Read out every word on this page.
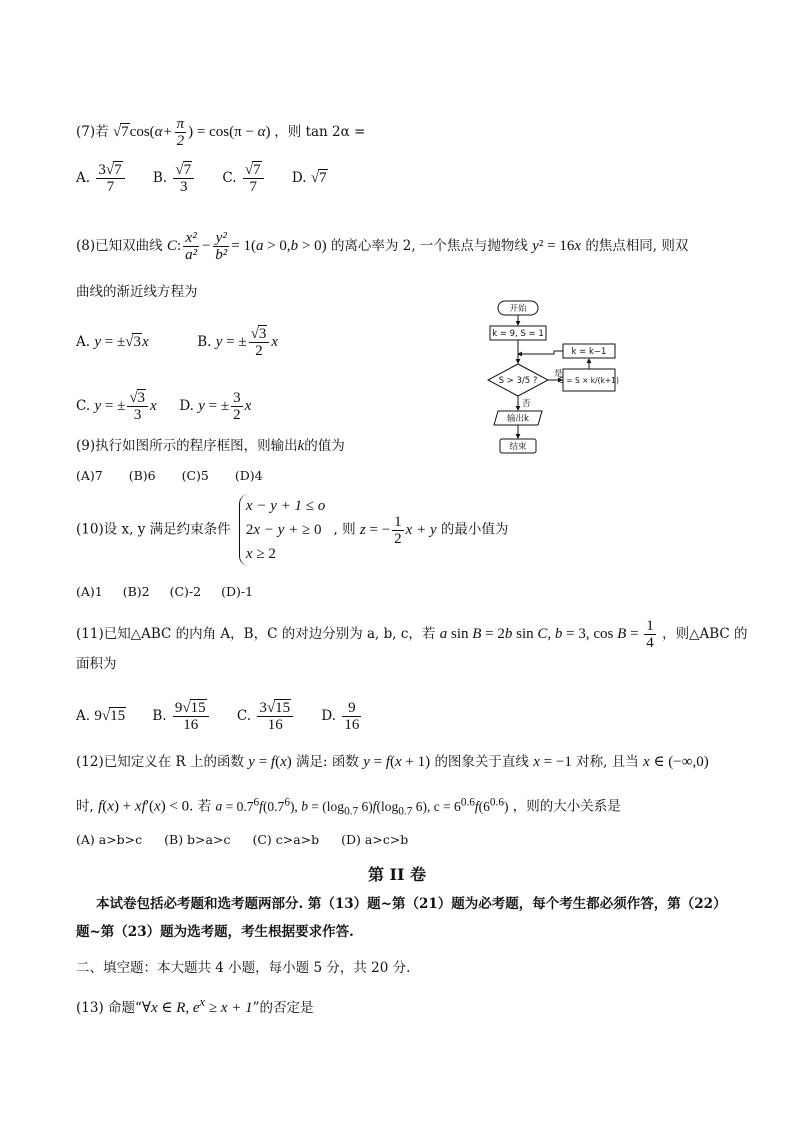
(7)若 $√7\cos(\alpha+ \frac{\pi}{2}$ ) = cos(π − α) ，则 tan 2α =
A. $\frac{3√7}{7} B$. $\frac{√7}{3} C$. $\frac{√7}{7} D$. √7
(8)已知双曲线 C: $\frac{\text{x²}}{\text{a²}} - \frac{\text{y²}}{\text{b²}} = 1(a > 0,b > 0)$ 的离心率为 2, 一个焦点与抛物线 y² = 16x 的焦点相同, 则双
曲线的渐近线方程为
A. y = ±√3x	B. y = ± $\frac{√3}{2}$ x
C. y = ± $\frac{√3}{3}$ x D. y = ± $\frac{3}{2}$ x
开始
k = 9, S = 1
S > 3/5 ?
是
S = S × k/(k+1)
k = k−1
否
输出k
结束
(9)执行如图所示的程序框图，则输出k的值为
(A)7 (B)6 (C)5 (D)4
(10)设 x, y 满足约束条件
x − y + 1 ≤ o
2x − y + ≥ 0
x ≥ 2
, 则 z = − $\frac{1}{2}$ x + y 的最小值为
(A)1 (B)2 (C)-2 (D)-1
(11)已知△ABC 的内角 A，B，C 的对边分别为 a, b, c，若 a sin B = 2b sin C, b = 3, $\cos B = \frac{1}{4}$ ，则△ABC 的
面积为
A. 9√15 B. $\frac{9√15}{16} C$. $\frac{3√15}{16} D$. $\frac{9}{16}$
(12)已知定义在 R 上的函数 y = f(x) 满足: 函数 y = f(x + 1) 的图象关于直线 x = −1 对称, 且当 x ∈ (−∞,0)
时, f(x) + xf′(x) < 0. 若 $a = 0.7^6f(0.7^6)$, $b = (\log_{0.7}$ $6)f(\log_{0.7}$ 6), $c = 6^{0.6}f(6^{0.6})$ ，则的大小关系是
(A) a>b>c (B) b>a>c (C) c>a>b (D) a>c>b
第 II 卷
本试卷包括必考题和选考题两部分. 第（13）题~第（21）题为必考题，每个考生都必须作答，第（22）题~第（23）题为选考题，考生根据要求作答.
二、填空题：本大题共 4 小题，每小题 5 分，共 20 分.
(13) 命题“∀x ∈ R, $e^x \ge x + 1$”的否定是
